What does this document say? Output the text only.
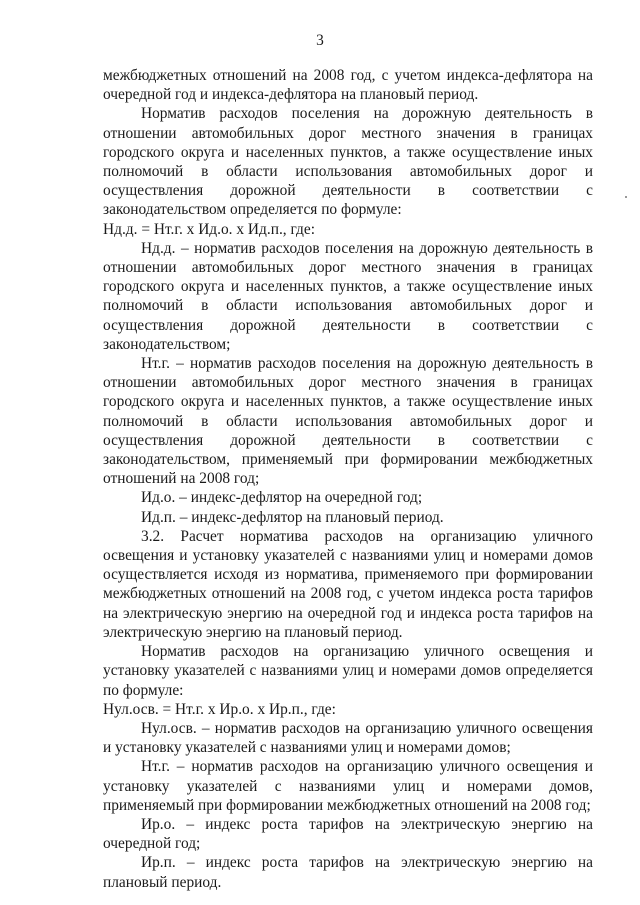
3

межбюджетных отношений на 2008 год, с учетом индекса-дефлятора на очередной год и индекса-дефлятора на плановый период.

Норматив расходов поселения на дорожную деятельность в отношении автомобильных дорог местного значения в границах городского округа и населенных пунктов, а также осуществление иных полномочий в области использования автомобильных дорог и осуществления дорожной деятельности в соответствии с законодательством определяется по формуле:

Нд.д. = Нт.г. x Ид.о. x Ид.п., где:

Нд.д. – норматив расходов поселения на дорожную деятельность в отношении автомобильных дорог местного значения в границах городского округа и населенных пунктов, а также осуществление иных полномочий в области использования автомобильных дорог и осуществления дорожной деятельности в соответствии с законодательством;

Нт.г. – норматив расходов поселения на дорожную деятельность в отношении автомобильных дорог местного значения в границах городского округа и населенных пунктов, а также осуществление иных полномочий в области использования автомобильных дорог и осуществления дорожной деятельности в соответствии с законодательством, применяемый при формировании межбюджетных отношений на 2008 год;

Ид.о. – индекс-дефлятор на очередной год;

Ид.п. – индекс-дефлятор на плановый период.

3.2. Расчет норматива расходов на организацию уличного освещения и установку указателей с названиями улиц и номерами домов осуществляется исходя из норматива, применяемого при формировании межбюджетных отношений на 2008 год, с учетом индекса роста тарифов на электрическую энергию на очередной год и индекса роста тарифов на электрическую энергию на плановый период.

Норматив расходов на организацию уличного освещения и установку указателей с названиями улиц и номерами домов определяется по формуле:

Нул.осв. = Нт.г. x Ир.о. x Ир.п., где:

Нул.осв. – норматив расходов на организацию уличного освещения и установку указателей с названиями улиц и номерами домов;

Нт.г. – норматив расходов на организацию уличного освещения и установку указателей с названиями улиц и номерами домов, применяемый при формировании межбюджетных отношений на 2008 год;

Ир.о. – индекс роста тарифов на электрическую энергию на очередной год;

Ир.п. – индекс роста тарифов на электрическую энергию на плановый период.
